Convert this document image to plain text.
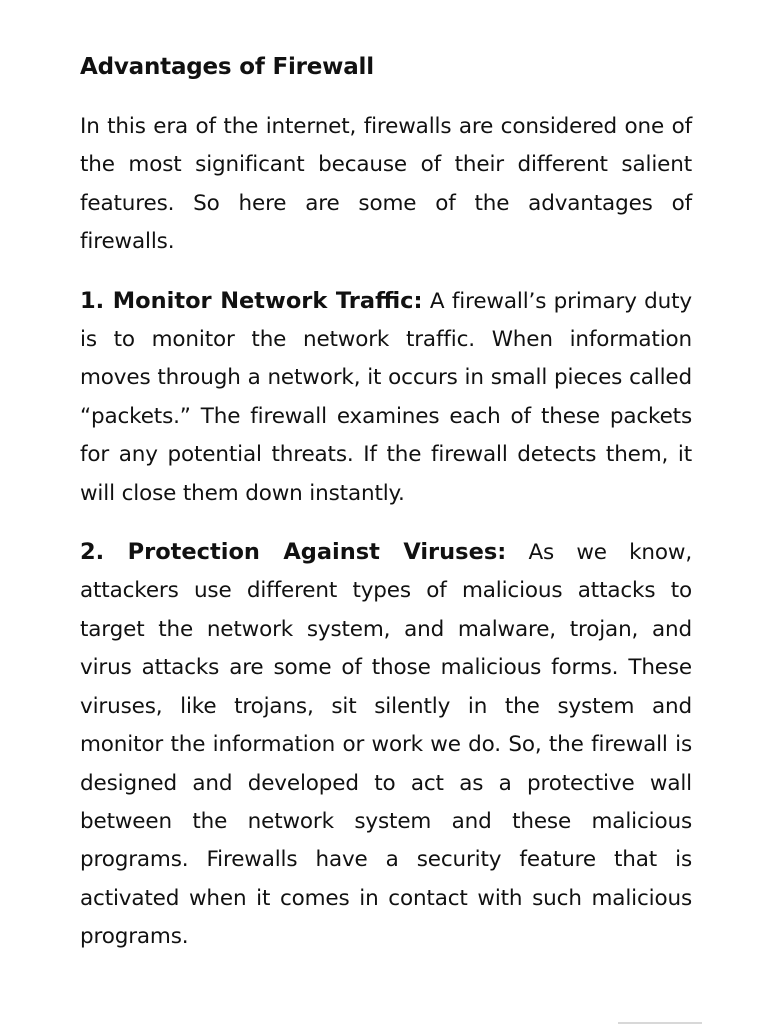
Advantages of Firewall

In this era of the internet, firewalls are considered one of the most significant because of their different salient features. So here are some of the advantages of firewalls.

1. Monitor Network Traffic: A firewall’s primary duty is to monitor the network traffic. When information moves through a network, it occurs in small pieces called “packets.” The firewall examines each of these packets for any potential threats. If the firewall detects them, it will close them down instantly.

2. Protection Against Viruses: As we know, attackers use different types of malicious attacks to target the network system, and malware, trojan, and virus attacks are some of those malicious forms. These viruses, like trojans, sit silently in the system and monitor the information or work we do. So, the firewall is designed and developed to act as a protective wall between the network system and these malicious programs. Firewalls have a security feature that is activated when it comes in contact with such malicious programs.
